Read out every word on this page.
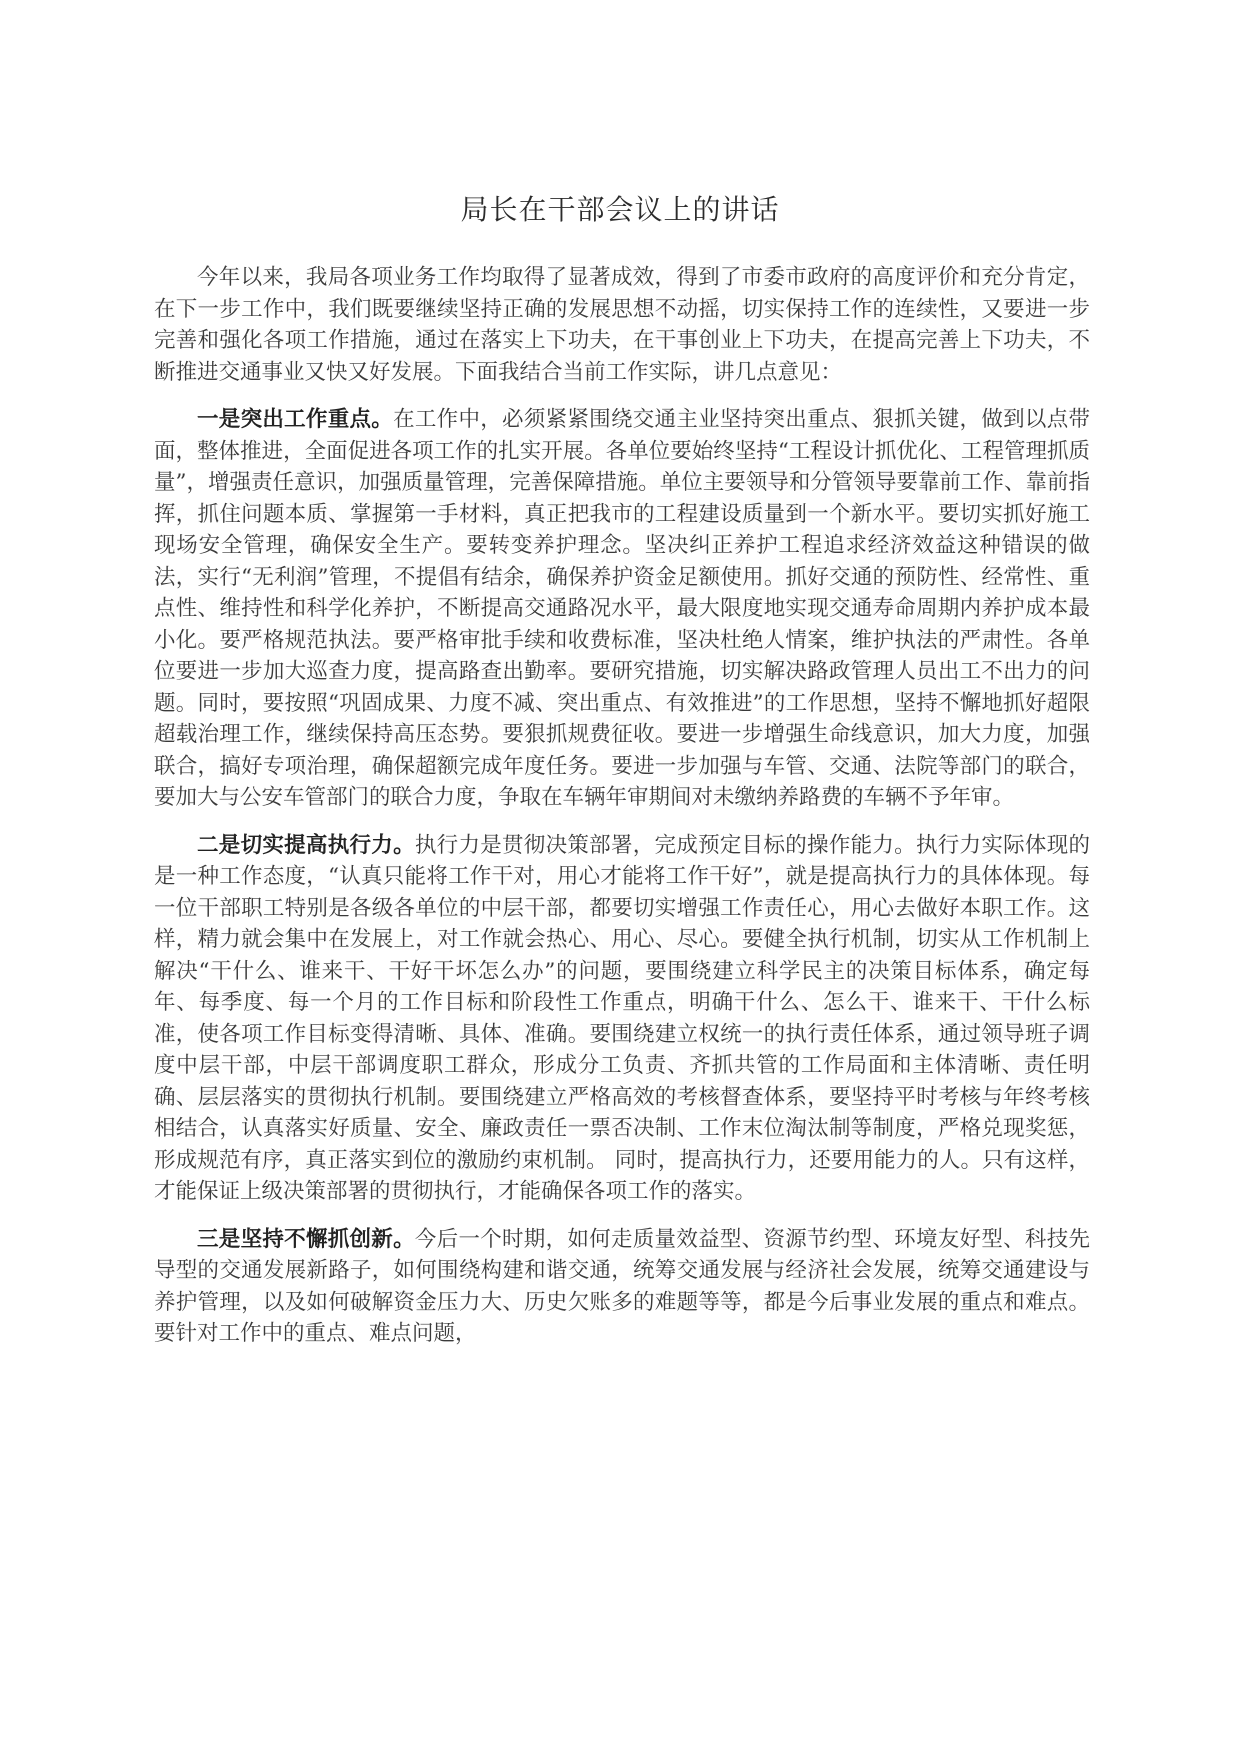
局长在干部会议上的讲话

今年以来，我局各项业务工作均取得了显著成效，得到了市委市政府的高度评价和充分肯定，在下一步工作中，我们既要继续坚持正确的发展思想不动摇，切实保持工作的连续性，又要进一步完善和强化各项工作措施，通过在落实上下功夫，在干事创业上下功夫，在提高完善上下功夫，不断推进交通事业又快又好发展。下面我结合当前工作实际，讲几点意见：

一是突出工作重点。在工作中，必须紧紧围绕交通主业坚持突出重点、狠抓关键，做到以点带面，整体推进，全面促进各项工作的扎实开展。各单位要始终坚持“工程设计抓优化、工程管理抓质量”，增强责任意识，加强质量管理，完善保障措施。单位主要领导和分管领导要靠前工作、靠前指挥，抓住问题本质、掌握第一手材料，真正把我市的工程建设质量到一个新水平。要切实抓好施工现场安全管理，确保安全生产。要转变养护理念。坚决纠正养护工程追求经济效益这种错误的做法，实行“无利润”管理，不提倡有结余，确保养护资金足额使用。抓好交通的预防性、经常性、重点性、维持性和科学化养护，不断提高交通路况水平，最大限度地实现交通寿命周期内养护成本最小化。要严格规范执法。要严格审批手续和收费标准，坚决杜绝人情案，维护执法的严肃性。各单位要进一步加大巡查力度，提高路查出勤率。要研究措施，切实解决路政管理人员出工不出力的问题。同时，要按照“巩固成果、力度不减、突出重点、有效推进”的工作思想，坚持不懈地抓好超限超载治理工作，继续保持高压态势。要狠抓规费征收。要进一步增强生命线意识，加大力度，加强联合，搞好专项治理，确保超额完成年度任务。要进一步加强与车管、交通、法院等部门的联合，要加大与公安车管部门的联合力度，争取在车辆年审期间对未缴纳养路费的车辆不予年审。

二是切实提高执行力。执行力是贯彻决策部署，完成预定目标的操作能力。执行力实际体现的是一种工作态度，“认真只能将工作干对，用心才能将工作干好”，就是提高执行力的具体体现。每一位干部职工特别是各级各单位的中层干部，都要切实增强工作责任心，用心去做好本职工作。这样，精力就会集中在发展上，对工作就会热心、用心、尽心。要健全执行机制，切实从工作机制上解决“干什么、谁来干、干好干坏怎么办”的问题，要围绕建立科学民主的决策目标体系，确定每年、每季度、每一个月的工作目标和阶段性工作重点，明确干什么、怎么干、谁来干、干什么标准，使各项工作目标变得清晰、具体、准确。要围绕建立权统一的执行责任体系，通过领导班子调度中层干部，中层干部调度职工群众，形成分工负责、齐抓共管的工作局面和主体清晰、责任明确、层层落实的贯彻执行机制。要围绕建立严格高效的考核督查体系，要坚持平时考核与年终考核相结合，认真落实好质量、安全、廉政责任一票否决制、工作末位淘汰制等制度，严格兑现奖惩，形成规范有序，真正落实到位的激励约束机制。 同时，提高执行力，还要用能力的人。只有这样，才能保证上级决策部署的贯彻执行，才能确保各项工作的落实。

三是坚持不懈抓创新。今后一个时期，如何走质量效益型、资源节约型、环境友好型、科技先导型的交通发展新路子，如何围绕构建和谐交通，统筹交通发展与经济社会发展，统筹交通建设与养护管理，以及如何破解资金压力大、历史欠账多的难题等等，都是今后事业发展的重点和难点。要针对工作中的重点、难点问题，
